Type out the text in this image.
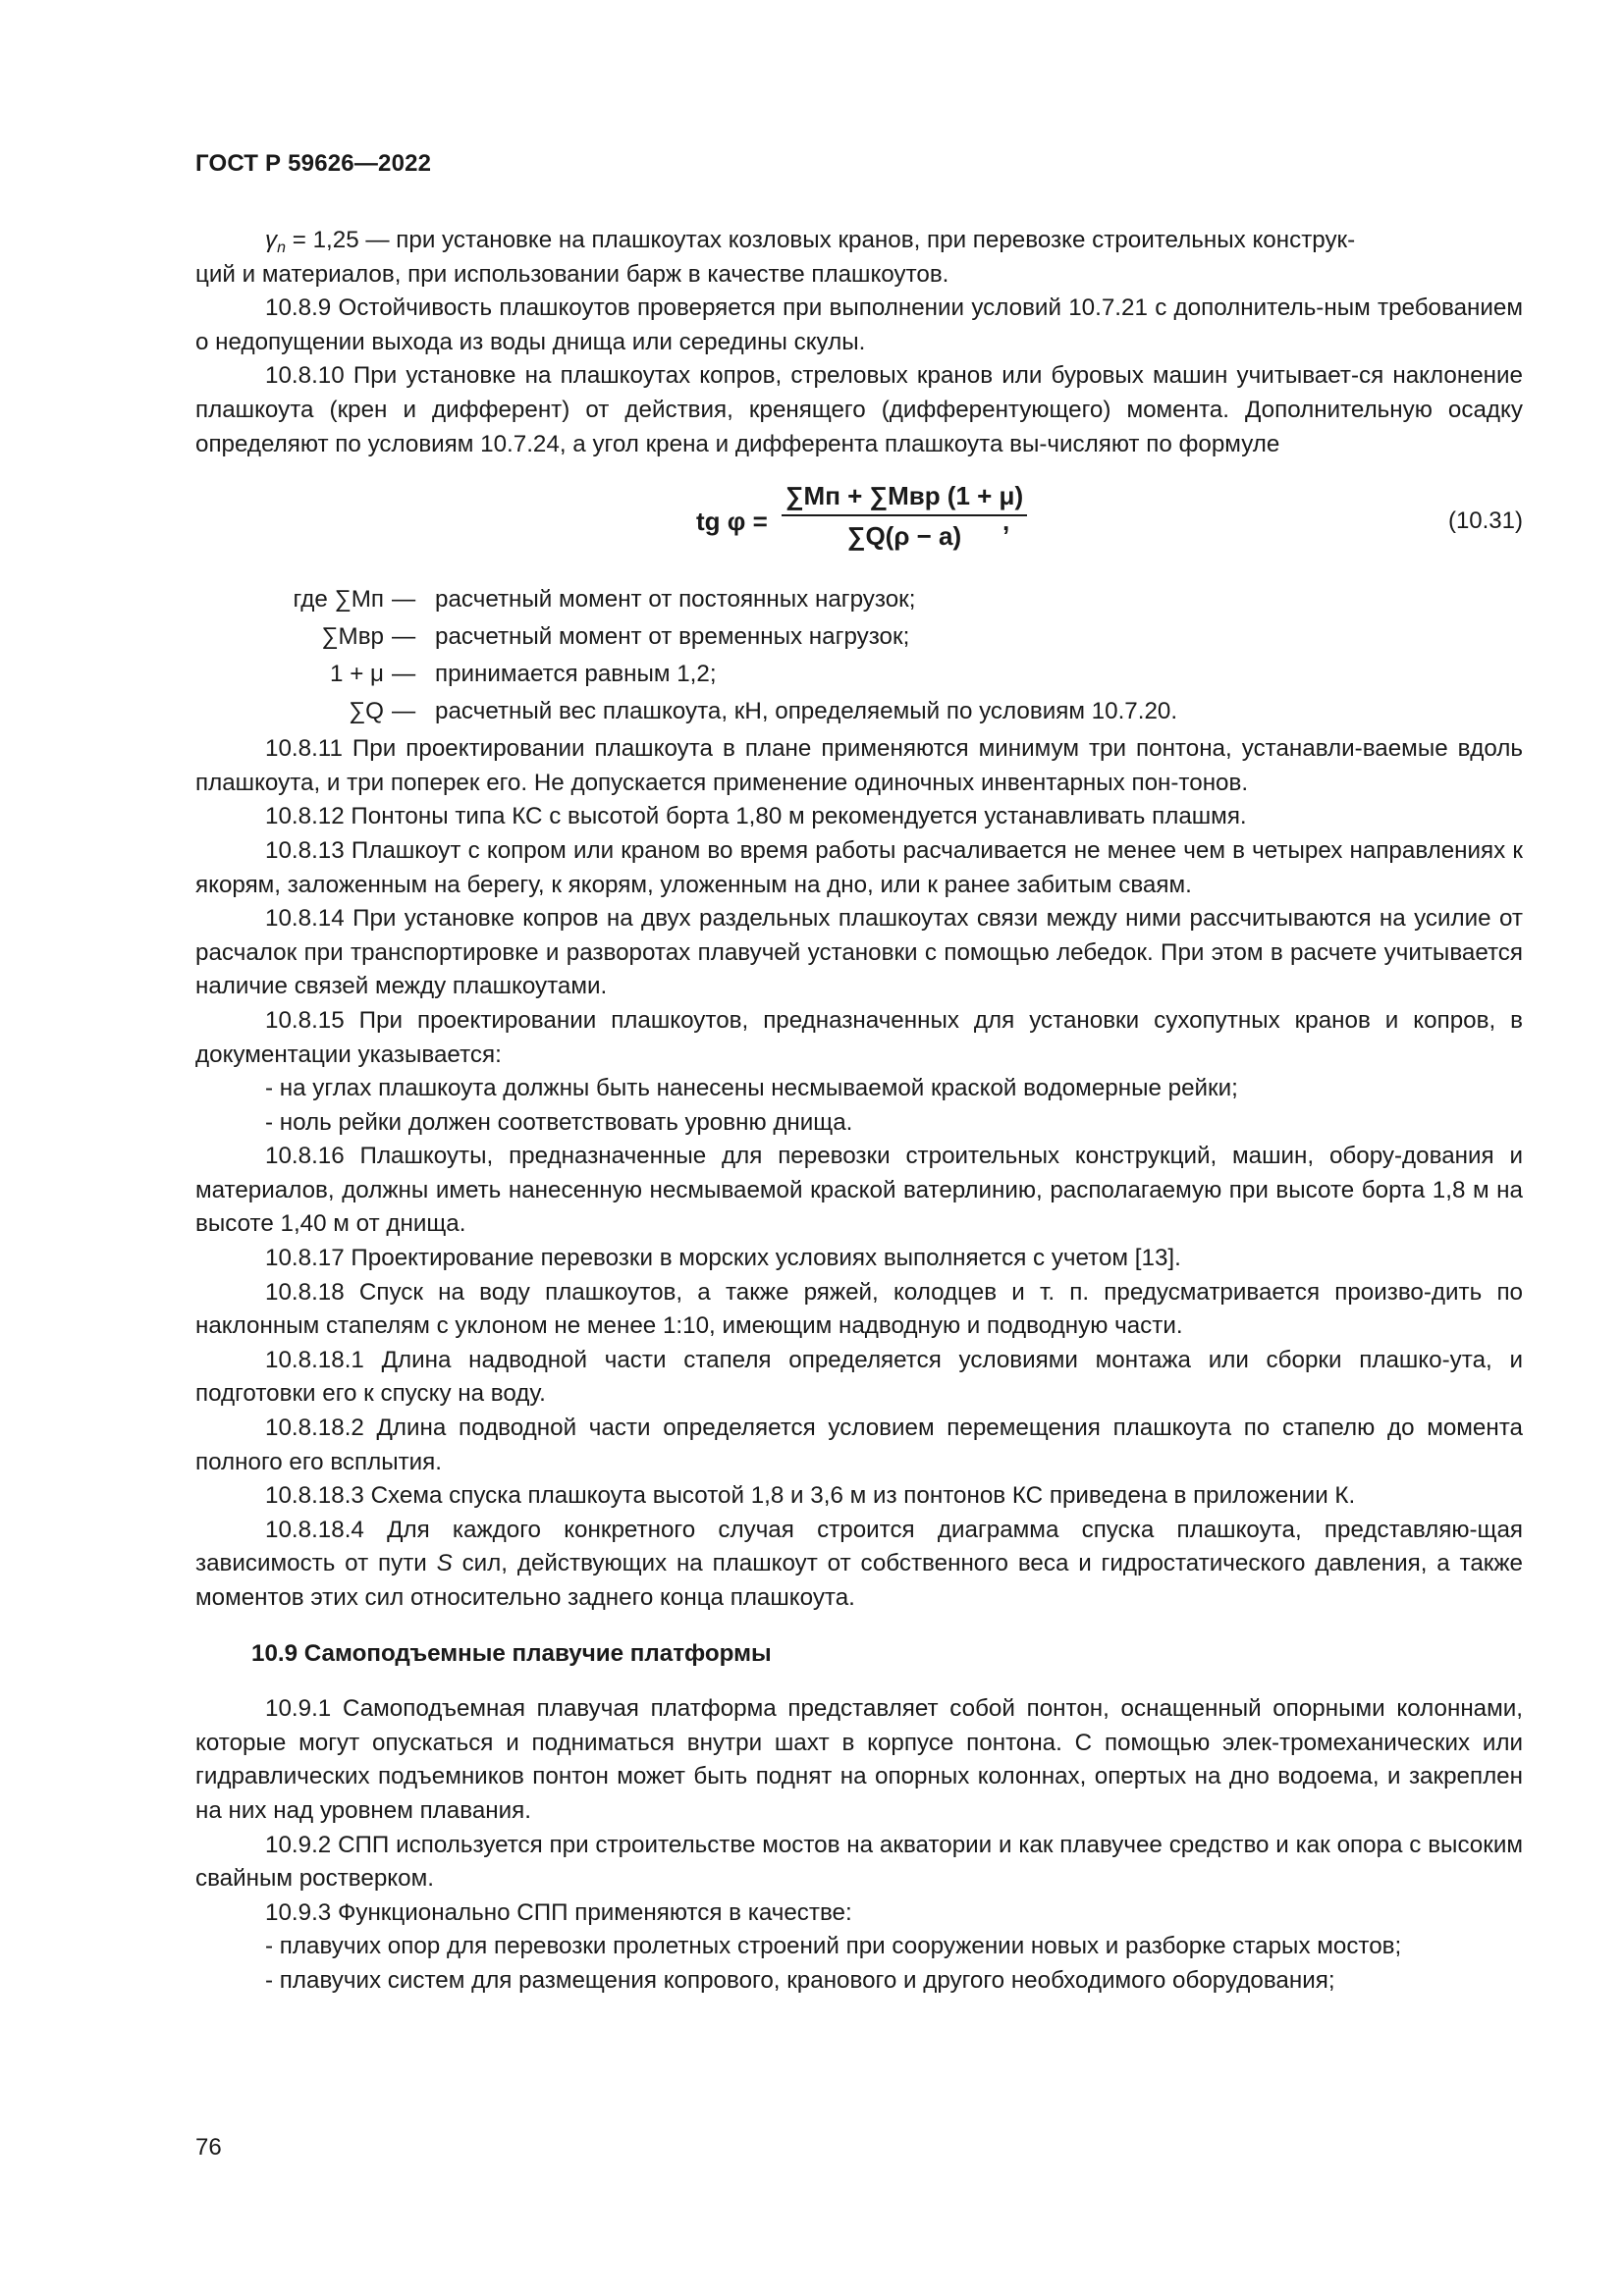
ГОСТ Р 59626—2022

$\gamma_n = 1,25$ — при установке на плашкоутах козловых кранов, при перевозке строительных конструк-

ций и материалов, при использовании барж в качестве плашкоутов.

10.8.9 Остойчивость плашкоутов проверяется при выполнении условий 10.7.21 с дополнитель-ным требованием о недопущении выхода из воды днища или середины скулы.

10.8.10 При установке на плашкоутах копров, стреловых кранов или буровых машин учитывает-ся наклонение плашкоута (крен и дифферент) от действия, кренящего (дифферентующего) момента. Дополнительную осадку определяют по условиям 10.7.24, а угол крена и дифферента плашкоута вы-числяют по формуле

tg φ =
∑Mп + ∑Mвр (1 + μ)
∑Q(ρ − a)	,	(10.31)
где ∑Mп — расчетный момент от постоянных нагрузок;
∑Mвр — расчетный момент от временных нагрузок;
1 + μ — принимается равным 1,2;
∑Q — расчетный вес плашкоута, кН, определяемый по условиям 10.7.20.

10.8.11 При проектировании плашкоута в плане применяются минимум три понтона, устанавли-ваемые вдоль плашкоута, и три поперек его. Не допускается применение одиночных инвентарных пон-тонов.

10.8.12 Понтоны типа КС с высотой борта 1,80 м рекомендуется устанавливать плашмя.

10.8.13 Плашкоут с копром или краном во время работы расчаливается не менее чем в четырех направлениях к якорям, заложенным на берегу, к якорям, уложенным на дно, или к ранее забитым сваям.

10.8.14 При установке копров на двух раздельных плашкоутах связи между ними рассчитываются на усилие от расчалок при транспортировке и разворотах плавучей установки с помощью лебедок. При этом в расчете учитывается наличие связей между плашкоутами.

10.8.15 При проектировании плашкоутов, предназначенных для установки сухопутных кранов и копров, в документации указывается:

- на углах плашкоута должны быть нанесены несмываемой краской водомерные рейки;

- ноль рейки должен соответствовать уровню днища.

10.8.16 Плашкоуты, предназначенные для перевозки строительных конструкций, машин, обору-дования и материалов, должны иметь нанесенную несмываемой краской ватерлинию, располагаемую при высоте борта 1,8 м на высоте 1,40 м от днища.

10.8.17 Проектирование перевозки в морских условиях выполняется с учетом [13].

10.8.18 Спуск на воду плашкоутов, а также ряжей, колодцев и т. п. предусматривается произво-дить по наклонным стапелям с уклоном не менее 1:10, имеющим надводную и подводную части.

10.8.18.1 Длина надводной части стапеля определяется условиями монтажа или сборки плашко-ута, и подготовки его к спуску на воду.

10.8.18.2 Длина подводной части определяется условием перемещения плашкоута по стапелю до момента полного его всплытия.

10.8.18.3 Схема спуска плашкоута высотой 1,8 и 3,6 м из понтонов КС приведена в приложении К.

10.8.18.4 Для каждого конкретного случая строится диаграмма спуска плашкоута, представляю-щая зависимость от пути S сил, действующих на плашкоут от собственного веса и гидростатического давления, а также моментов этих сил относительно заднего конца плашкоута.

10.9 Самоподъемные плавучие платформы

10.9.1 Самоподъемная плавучая платформа представляет собой понтон, оснащенный опорными колоннами, которые могут опускаться и подниматься внутри шахт в корпусе понтона. С помощью элек-тромеханических или гидравлических подъемников понтон может быть поднят на опорных колоннах, опертых на дно водоема, и закреплен на них над уровнем плавания.

10.9.2 СПП используется при строительстве мостов на акватории и как плавучее средство и как опора с высоким свайным ростверком.

10.9.3 Функционально СПП применяются в качестве:

- плавучих опор для перевозки пролетных строений при сооружении новых и разборке старых мостов;

- плавучих систем для размещения копрового, кранового и другого необходимого оборудования;

76
